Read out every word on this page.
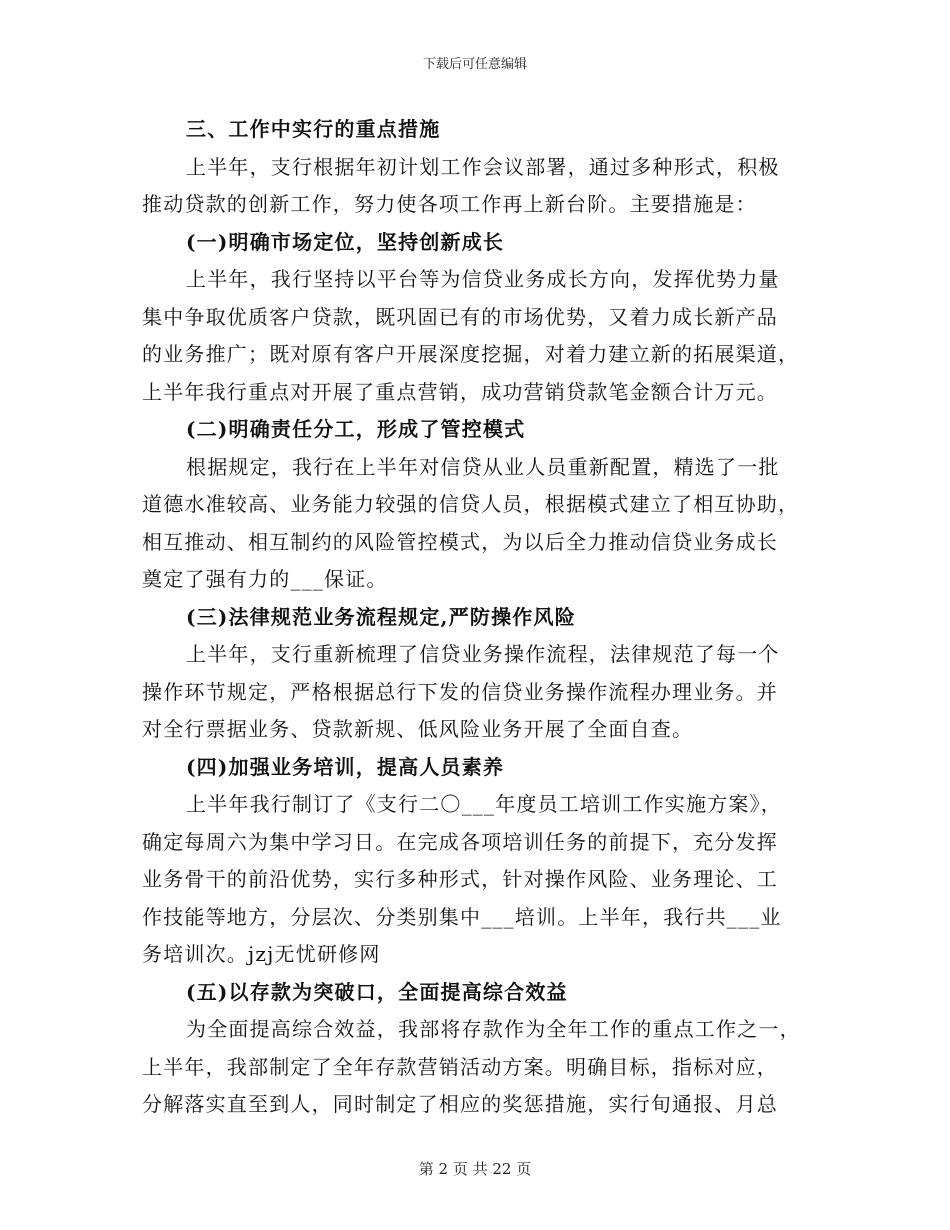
下载后可任意编辑
三、工作中实行的重点措施
上半年，支行根据年初计划工作会议部署，通过多种形式，积极
推动贷款的创新工作，努力使各项工作再上新台阶。主要措施是：
(一)明确市场定位，坚持创新成长
上半年，我行坚持以平台等为信贷业务成长方向，发挥优势力量
集中争取优质客户贷款，既巩固已有的市场优势，又着力成长新产品
的业务推广；既对原有客户开展深度挖掘，对着力建立新的拓展渠道，
上半年我行重点对开展了重点营销，成功营销贷款笔金额合计万元。
(二)明确责任分工，形成了管控模式
根据规定，我行在上半年对信贷从业人员重新配置，精选了一批
道德水准较高、业务能力较强的信贷人员，根据模式建立了相互协助，
相互推动、相互制约的风险管控模式，为以后全力推动信贷业务成长
奠定了强有力的___保证。
(三)法律规范业务流程规定,严防操作风险
上半年，支行重新梳理了信贷业务操作流程，法律规范了每一个
操作环节规定，严格根据总行下发的信贷业务操作流程办理业务。并
对全行票据业务、贷款新规、低风险业务开展了全面自查。
(四)加强业务培训，提高人员素养
上半年我行制订了《支行二〇___年度员工培训工作实施方案》，
确定每周六为集中学习日。在完成各项培训任务的前提下，充分发挥
业务骨干的前沿优势，实行多种形式，针对操作风险、业务理论、工
作技能等地方，分层次、分类别集中___培训。上半年，我行共___业
务培训次。jzj无忧研修网
(五)以存款为突破口，全面提高综合效益
为全面提高综合效益，我部将存款作为全年工作的重点工作之一，
上半年，我部制定了全年存款营销活动方案。明确目标，指标对应，
分解落实直至到人，同时制定了相应的奖惩措施，实行旬通报、月总
第 2 页 共 22 页
